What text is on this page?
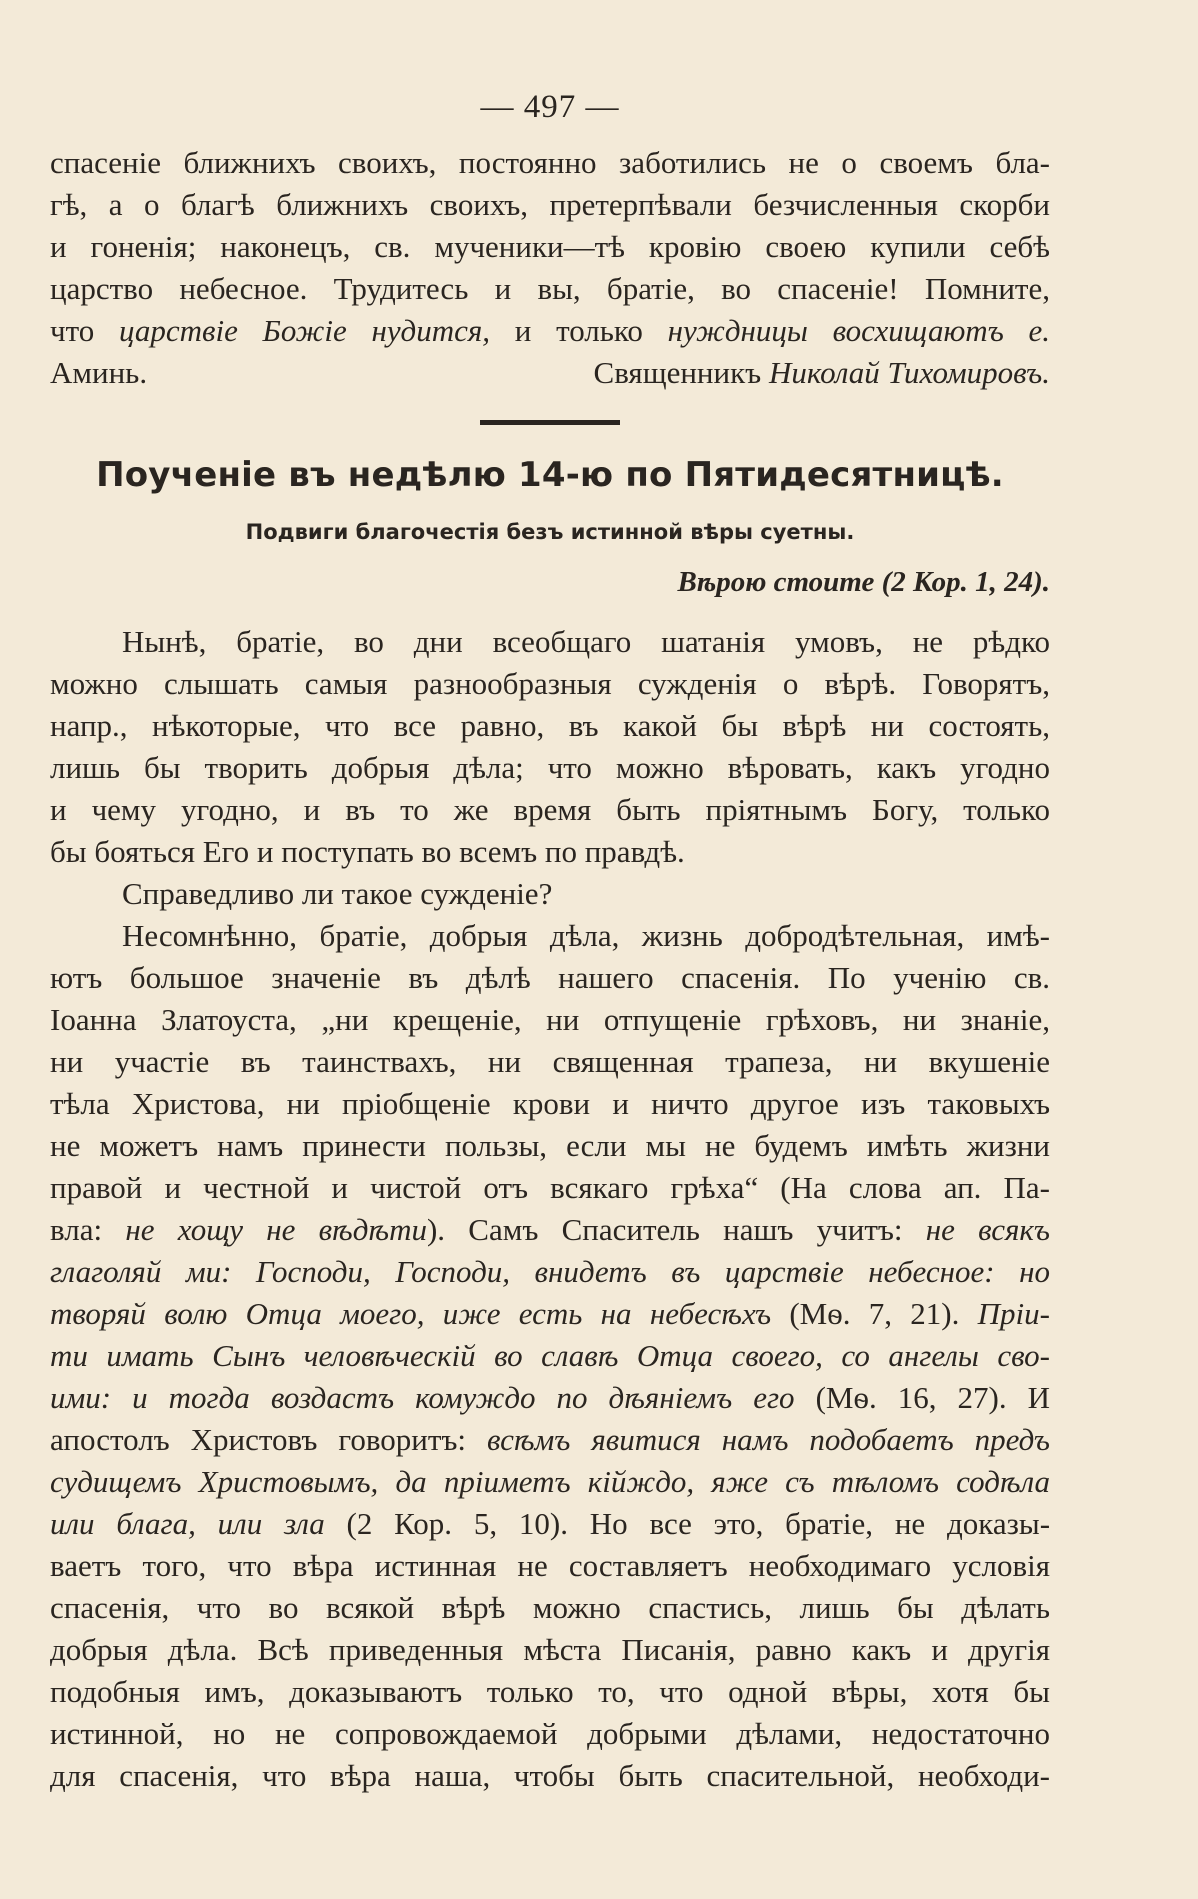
— 497 —
спасеніе ближнихъ своихъ, постоянно заботились не о своемъ бла-
гѣ, а о благѣ ближнихъ своихъ, претерпѣвали безчисленныя скорби
и гоненія; наконецъ, св. мученики—тѣ кровію своею купили себѣ
царство небесное. Трудитесь и вы, братіе, во спасеніе! Помните,
что царствіе Божіе нудится, и только нуждницы восхищаютъ е.
Аминь.	Священникъ Николай Тихомировъ.
Поученіе въ недѣлю 14-ю по Пятидесятницѣ.
Подвиги благочестія безъ истинной вѣры суетны.
Вѣрою стоите (2 Кор. 1, 24).
Нынѣ, братіе, во дни всеобщаго шатанія умовъ, не рѣдко
можно слышать самыя разнообразныя сужденія о вѣрѣ. Говорятъ,
напр., нѣкоторые, что все равно, въ какой бы вѣрѣ ни состоять,
лишь бы творить добрыя дѣла; что можно вѣровать, какъ угодно
и чему угодно, и въ то же время быть пріятнымъ Богу, только
бы бояться Его и поступать во всемъ по правдѣ.
Справедливо ли такое сужденіе?
Несомнѣнно, братіе, добрыя дѣла, жизнь добродѣтельная, имѣ-
ютъ большое значеніе въ дѣлѣ нашего спасенія. По ученію св.
Іоанна Златоуста, „ни крещеніе, ни отпущеніе грѣховъ, ни знаніе,
ни участіе въ таинствахъ, ни священная трапеза, ни вкушеніе
тѣла Христова, ни пріобщеніе крови и ничто другое изъ таковыхъ
не можетъ намъ принести пользы, если мы не будемъ имѣть жизни
правой и честной и чистой отъ всякаго грѣха“ (На слова ап. Па-
вла: не хощу не вѣдѣти). Самъ Спаситель нашъ учитъ: не всякъ
глаголяй ми: Господи, Господи, внидетъ въ царствіе небесное: но
творяй волю Отца моего, иже есть на небесѣхъ (Мѳ. 7, 21). Пріи-
ти имать Сынъ человѣческій во славѣ Отца своего, со ангелы сво-
ими: и тогда воздастъ комуждо по дѣяніемъ его (Мѳ. 16, 27). И
апостолъ Христовъ говоритъ: всѣмъ явитися намъ подобаетъ предъ
судищемъ Христовымъ, да пріиметъ кійждо, яже съ тѣломъ содѣла
или блага, или зла (2 Кор. 5, 10). Но все это, братіе, не доказы-
ваетъ того, что вѣра истинная не составляетъ необходимаго условія
спасенія, что во всякой вѣрѣ можно спастись, лишь бы дѣлать
добрыя дѣла. Всѣ приведенныя мѣста Писанія, равно какъ и другія
подобныя имъ, доказываютъ только то, что одной вѣры, хотя бы
истинной, но не сопровождаемой добрыми дѣлами, недостаточно
для спасенія, что вѣра наша, чтобы быть спасительной, необходи-
